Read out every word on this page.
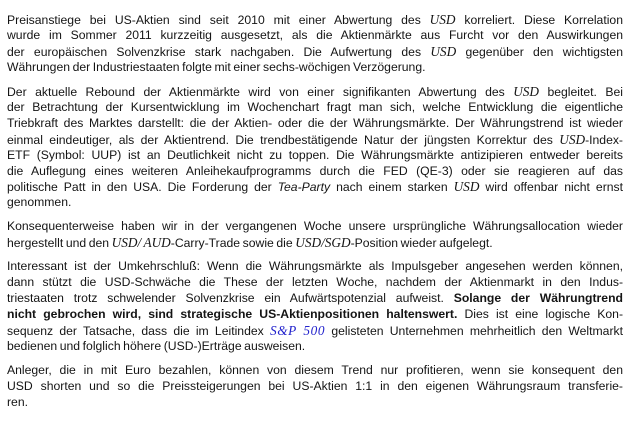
Preisanstiege bei US-Aktien sind seit 2010 mit einer Abwertung des USD korreliert. Diese Korrelation
wurde im Sommer 2011 kurzzeitig ausgesetzt, als die Aktienmärkte aus Furcht vor den Auswirkungen
der europäischen Solvenzkrise stark nachgaben. Die Aufwertung des USD gegenüber den wichtigsten
Währungen der Industriestaaten folgte mit einer sechs-wöchigen Verzögerung.
Der aktuelle Rebound der Aktienmärkte wird von einer signifikanten Abwertung des USD begleitet. Bei
der Betrachtung der Kursentwicklung im Wochenchart fragt man sich, welche Entwicklung die eigentliche
Triebkraft des Marktes darstellt: die der Aktien- oder die der Währungsmärkte. Der Währungstrend ist wieder
einmal eindeutiger, als der Aktientrend. Die trendbestätigende Natur der jüngsten Korrektur des USD-Index-
ETF (Symbol: UUP) ist an Deutlichkeit nicht zu toppen. Die Währungsmärkte antizipieren entweder bereits
die Auflegung eines weiteren Anleihekaufprogramms durch die FED (QE-3) oder sie reagieren auf das
politische Patt in den USA. Die Forderung der Tea-Party nach einem starken USD wird offenbar nicht ernst
genommen.
Konsequenterweise haben wir in der vergangenen Woche unsere ursprüngliche Währungsallocation wieder
hergestellt und den USD/ AUD-Carry-Trade sowie die USD/SGD-Position wieder aufgelegt.
Interessant ist der Umkehrschluß: Wenn die Währungsmärkte als Impulsgeber angesehen werden können,
dann stützt die USD-Schwäche die These der letzten Woche, nachdem der Aktienmarkt in den Indus-
triestaaten trotz schwelender Solvenzkrise ein Aufwärtspotenzial aufweist. Solange der Währungtrend
nicht gebrochen wird, sind strategische US-Aktienpositionen haltenswert. Dies ist eine logische Kon-
sequenz der Tatsache, dass die im Leitindex S&P 500 gelisteten Unternehmen mehrheitlich den Weltmarkt
bedienen und folglich höhere (USD-)Erträge ausweisen.
Anleger, die in mit Euro bezahlen, können von diesem Trend nur profitieren, wenn sie konsequent den
USD shorten und so die Preissteigerungen bei US-Aktien 1:1 in den eigenen Währungsraum transferie-
ren.
